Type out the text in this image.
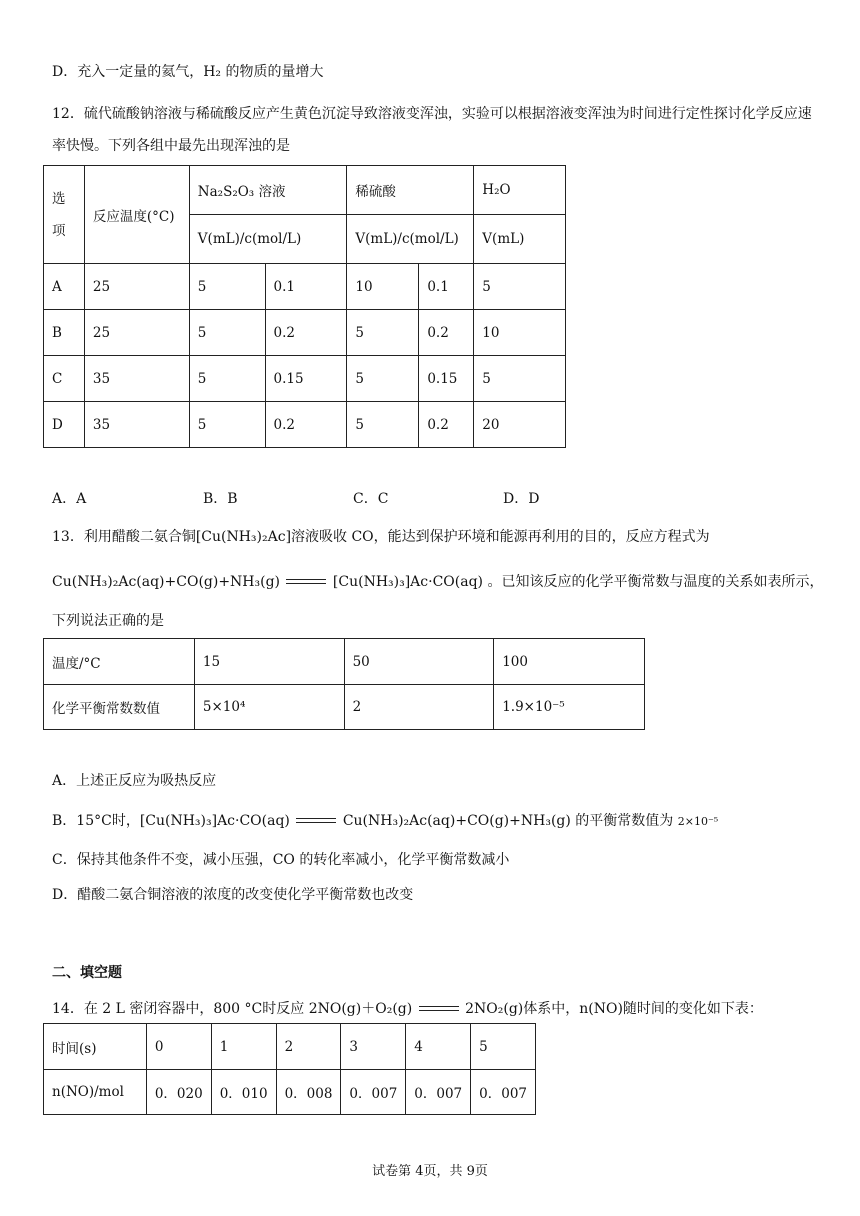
D．充入一定量的氦气，H₂ 的物质的量增大
12．硫代硫酸钠溶液与稀硫酸反应产生黄色沉淀导致溶液变浑浊，实验可以根据溶液变浑浊为时间进行定性探讨化学反应速率快慢。下列各组中最先出现浑浊的是
选项	反应温度(°C)	Na₂S₂O₃ 溶液		稀硫酸		H₂O
		V(mL)/c(mol/L)		V(mL)/c(mol/L)		V(mL)
A	25	5	0.1	10	0.1	5
B	25	5	0.2	5	0.2	10
C	35	5	0.15	5	0.15	5
D	35	5	0.2	5	0.2	20
A．A	B．B	C．C	D．D
13．利用醋酸二氨合铜[Cu(NH₃)₂Ac]溶液吸收 CO，能达到保护环境和能源再利用的目的，反应方程式为
Cu(NH₃)₂Ac(aq)+CO(g)+NH₃(g)	[Cu(NH₃)₃]Ac·CO(aq) 。已知该反应的化学平衡常数与温度的关系如表所示，
下列说法正确的是
温度/°C	15	50	100
化学平衡常数数值	5×10⁴	2	1.9×10⁻⁵
A．上述正反应为吸热反应
B．15°C时，[Cu(NH₃)₃]Ac·CO(aq)	Cu(NH₃)₂Ac(aq)+CO(g)+NH₃(g) 的平衡常数值为 2×10⁻⁵
C．保持其他条件不变，减小压强，CO 的转化率减小，化学平衡常数减小
D．醋酸二氨合铜溶液的浓度的改变使化学平衡常数也改变
二、填空题
14．在 2 L 密闭容器中，800 °C时反应 2NO(g)＋O₂(g)	2NO₂(g)体系中，n(NO)随时间的变化如下表：
时间(s)	0	1	2	3	4	5
n(NO)/mol	0．020	0．010	0．008	0．007	0．007	0．007
试卷第 4页，共 9页
